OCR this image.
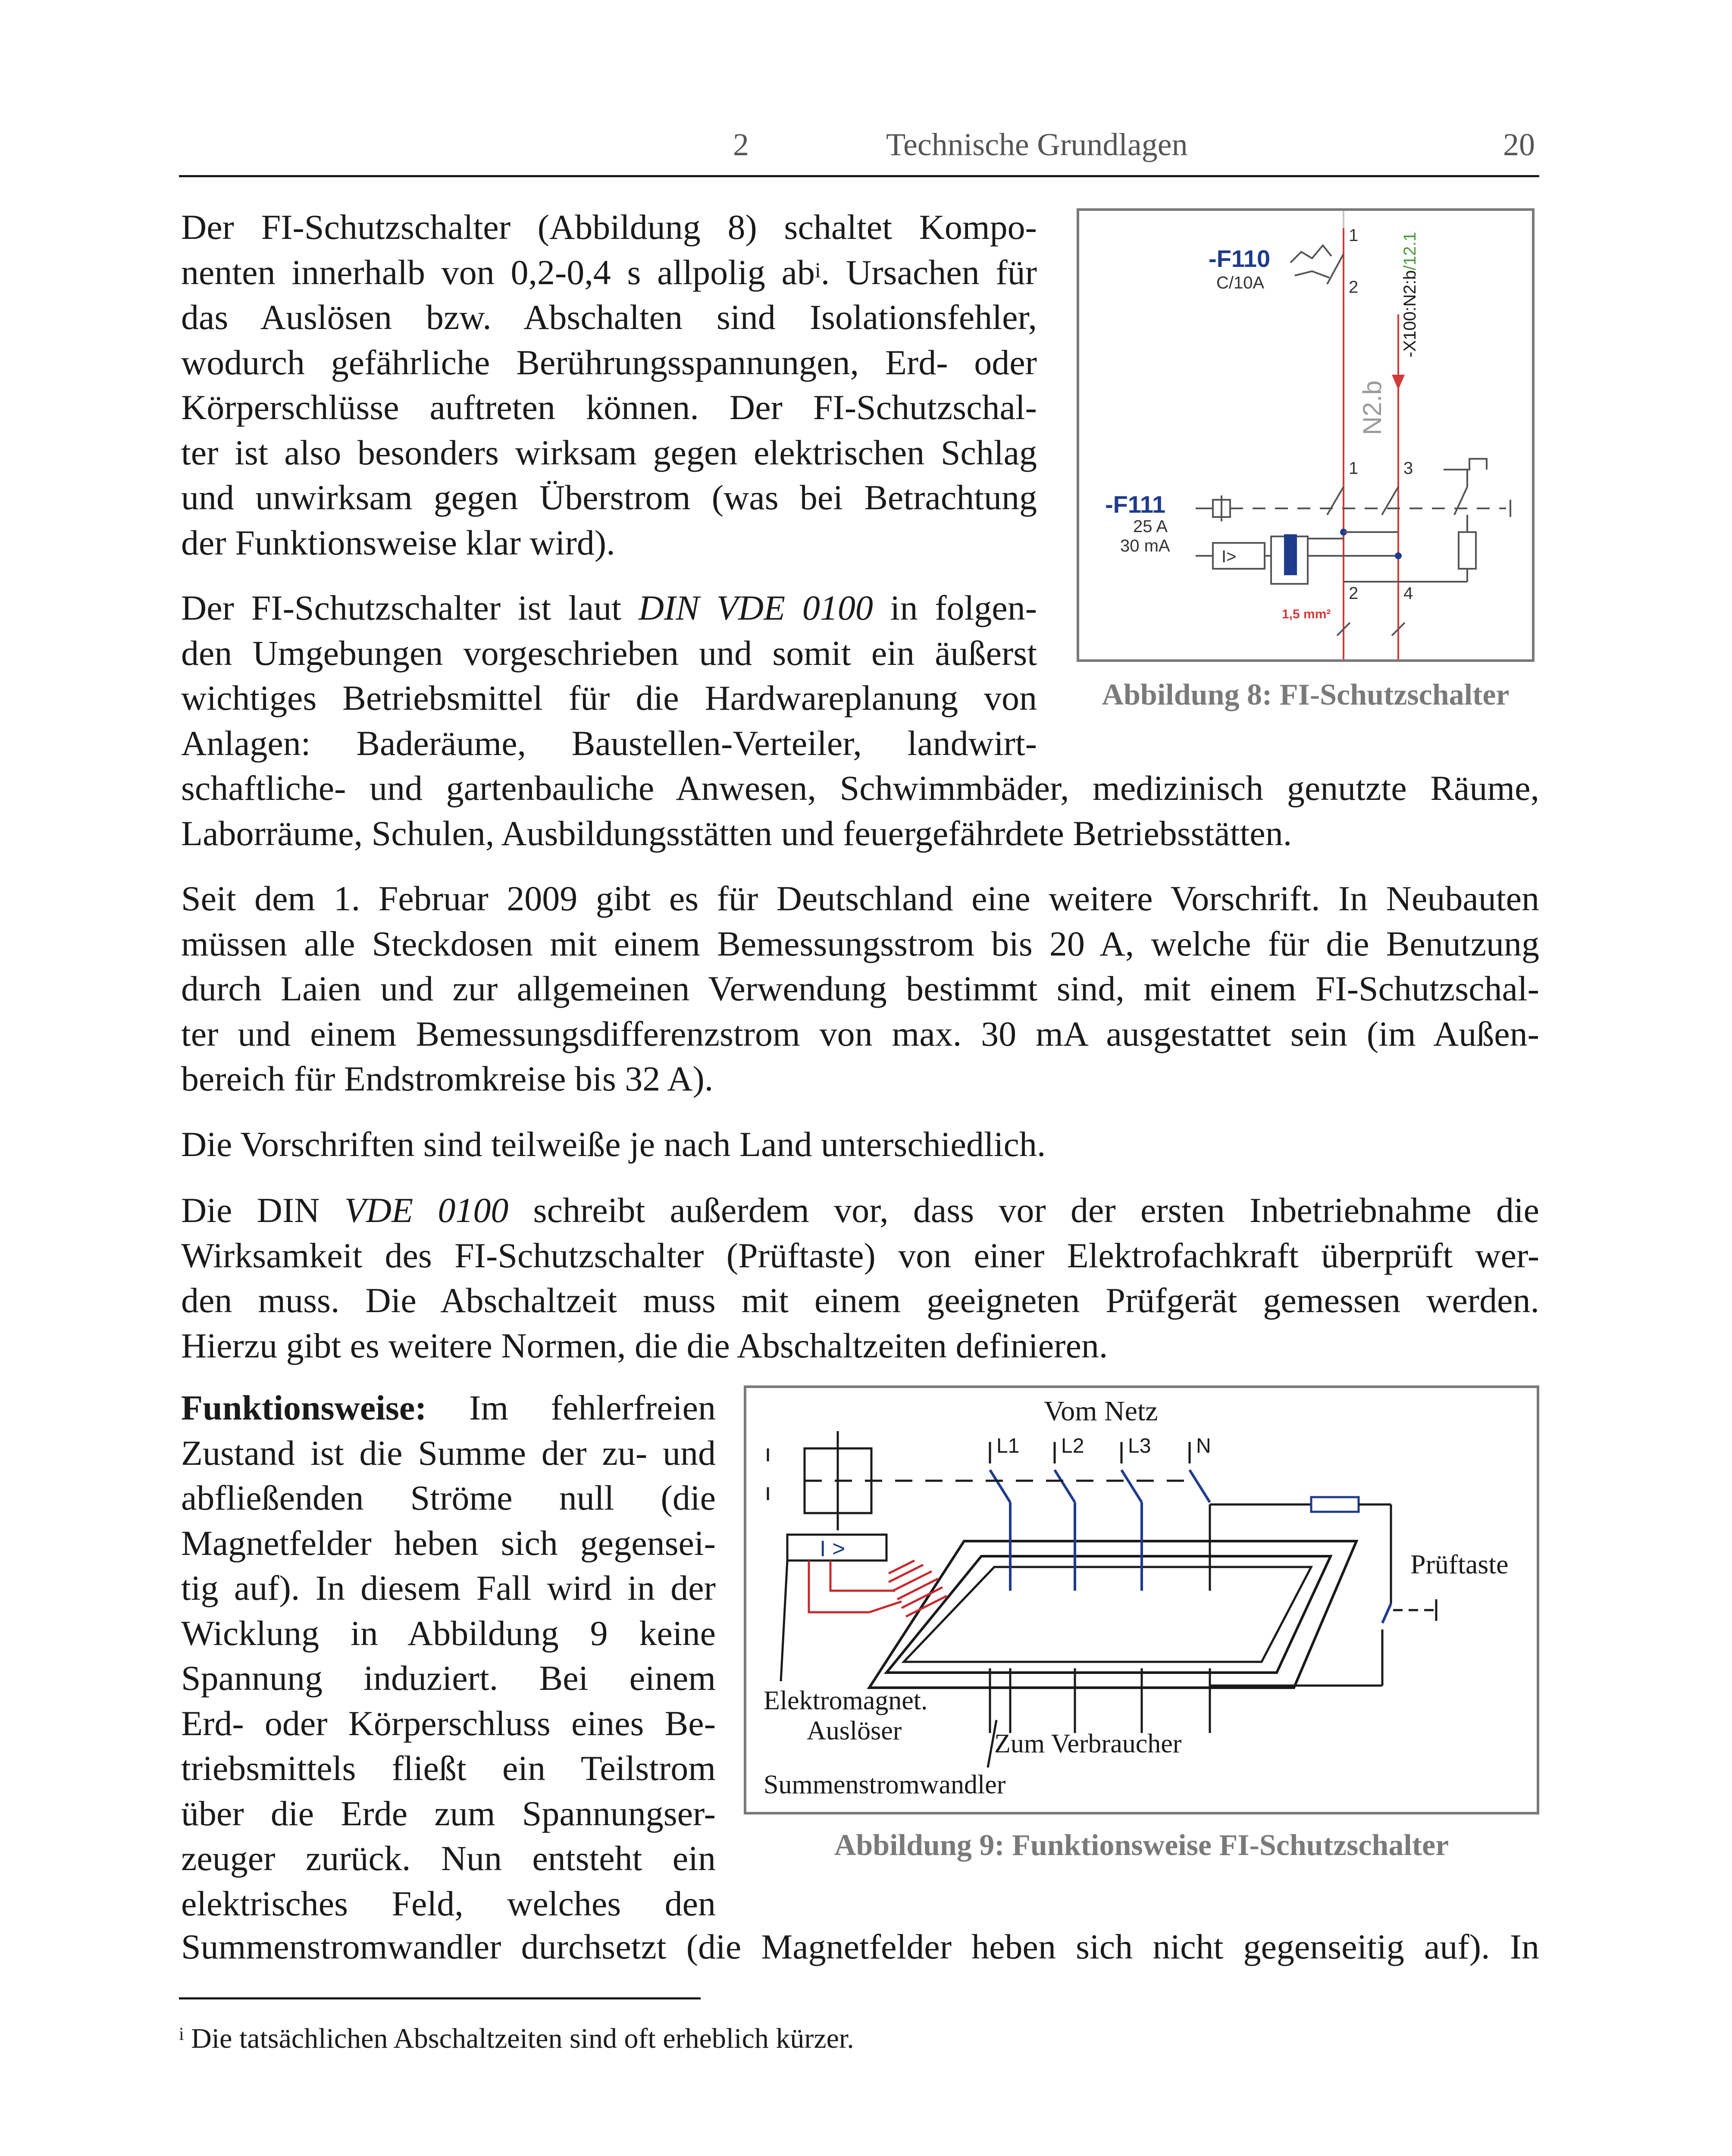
2	Technische Grundlagen	20
Der FI-Schutzschalter (Abbildung 8) schaltet Kompo-
nenten innerhalb von 0,2-0,4 s allpolig $ab^i$. Ursachen für
das Auslösen bzw. Abschalten sind Isolationsfehler,
wodurch gefährliche Berührungsspannungen, Erd- oder
Körperschlüsse auftreten können. Der FI-Schutzschal-
ter ist also besonders wirksam gegen elektrischen Schlag
und unwirksam gegen Überstrom (was bei Betrachtung
der Funktionsweise klar wird).
Der FI-Schutzschalter ist laut DIN VDE 0100 in folgen-
den Umgebungen vorgeschrieben und somit ein äußerst
wichtiges Betriebsmittel für die Hardwareplanung von
Anlagen: Baderäume, Baustellen-Verteiler, landwirt-
schaftliche- und gartenbauliche Anwesen, Schwimmbäder, medizinisch genutzte Räume,
Laborräume, Schulen, Ausbildungsstätten und feuergefährdete Betriebsstätten.
Seit dem 1. Februar 2009 gibt es für Deutschland eine weitere Vorschrift. In Neubauten
müssen alle Steckdosen mit einem Bemessungsstrom bis 20 A, welche für die Benutzung
durch Laien und zur allgemeinen Verwendung bestimmt sind, mit einem FI-Schutzschal-
ter und einem Bemessungsdifferenzstrom von max. 30 mA ausgestattet sein (im Außen-
bereich für Endstromkreise bis 32 A).
Die Vorschriften sind teilweiße je nach Land unterschiedlich.
Die DIN VDE 0100 schreibt außerdem vor, dass vor der ersten Inbetriebnahme die
Wirksamkeit des FI-Schutzschalter (Prüftaste) von einer Elektrofachkraft überprüft wer-
den muss. Die Abschaltzeit muss mit einem geeigneten Prüfgerät gemessen werden.
Hierzu gibt es weitere Normen, die die Abschaltzeiten definieren.
Funktionsweise: Im fehlerfreien
Zustand ist die Summe der zu- und
abfließenden Ströme null (die
Magnetfelder heben sich gegensei-
tig auf). In diesem Fall wird in der
Wicklung in Abbildung 9 keine
Spannung induziert. Bei einem
Erd- oder Körperschluss eines Be-
triebsmittels fließt ein Teilstrom
über die Erde zum Spannungser-
zeuger zurück. Nun entsteht ein
elektrisches Feld, welches den
Summenstromwandler durchsetzt (die Magnetfelder heben sich nicht gegenseitig auf). In
-F110
C/10A
1
2
N2.b
-X100:N2:b/12.1
1	3
-F111
25 A
30 mA
I>
2	4
1,5 mm²
Abbildung 8: FI-Schutzschalter
Vom Netz
L1 L2 L3 N
Prüftaste
I >
Elektromagnet.
Auslöser	Zum Verbraucher
Summenstromwandler
Abbildung 9: Funktionsweise FI-Schutzschalter
$^i$ Die tatsächlichen Abschaltzeiten sind oft erheblich kürzer.
